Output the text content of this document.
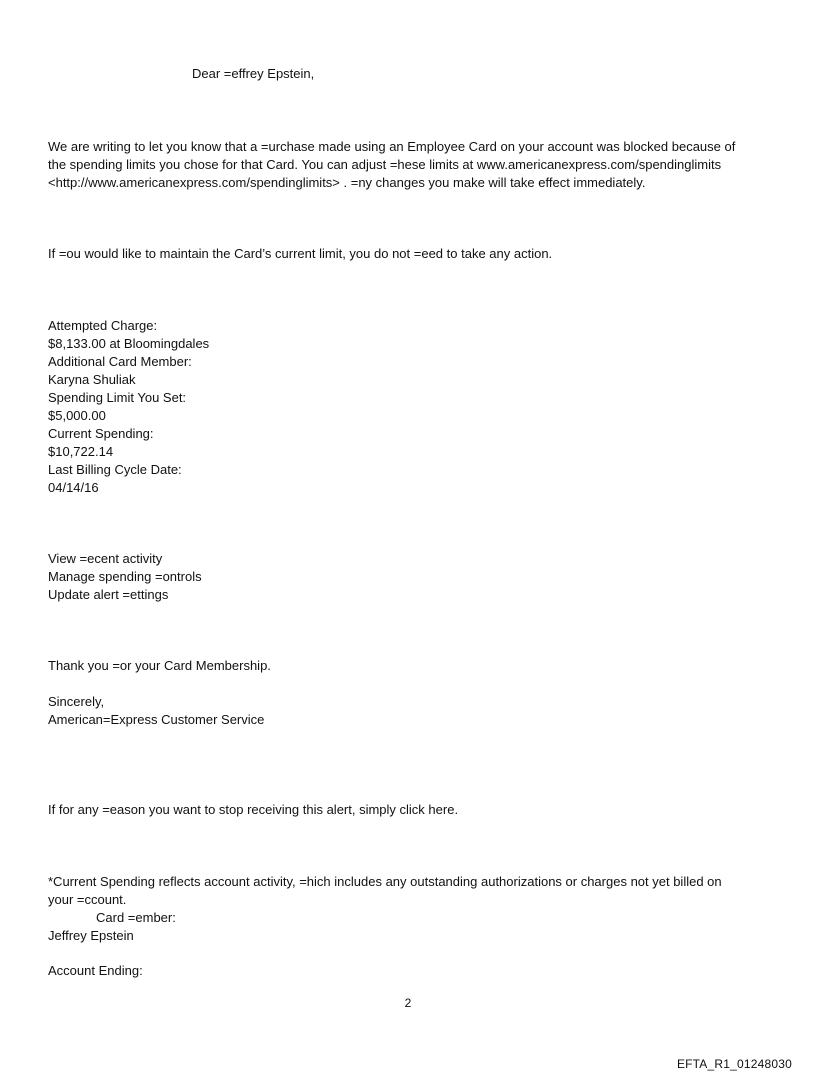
Dear =effrey Epstein,

We are writing to let you know that a =urchase made using an Employee Card on your account was blocked because of
the spending limits you chose for that Card. You can adjust =hese limits at www.americanexpress.com/spendinglimits
<http://www.americanexpress.com/spendinglimits> . =ny changes you make will take effect immediately.

If =ou would like to maintain the Card’s current limit, you do not =eed to take any action.

Attempted Charge:
$8,133.00 at Bloomingdales
Additional Card Member:
Karyna Shuliak
Spending Limit You Set:
$5,000.00
Current Spending:
$10,722.14
Last Billing Cycle Date:
04/14/16

View =ecent activity
Manage spending =ontrols
Update alert =ettings

Thank you =or your Card Membership.

Sincerely,
American=Express Customer Service

If for any =eason you want to stop receiving this alert, simply click here.

*Current Spending reflects account activity, =hich includes any outstanding authorizations or charges not yet billed on
your =ccount.
Card =ember:
Jeffrey Epstein

Account Ending:

2
EFTA_R1_01248030
